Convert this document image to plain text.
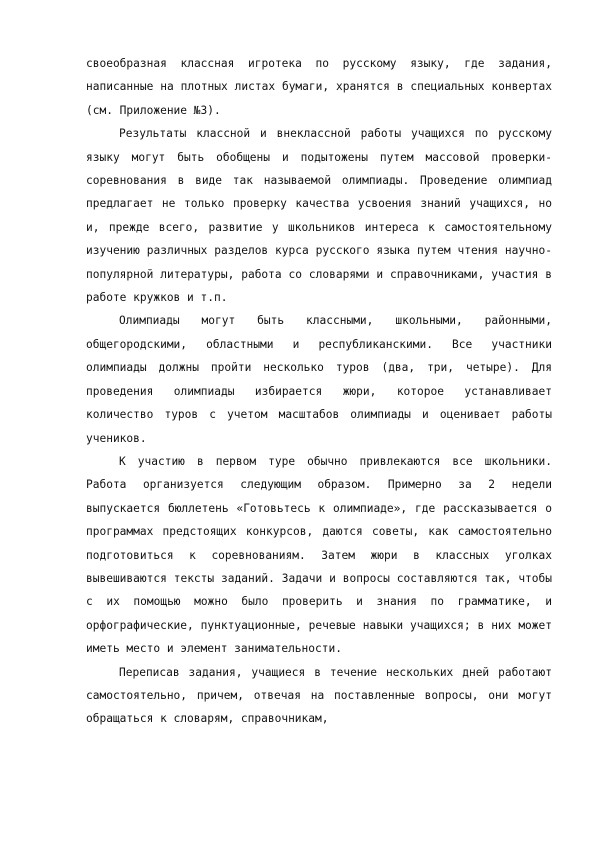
своеобразная классная игротека по русскому языку, где задания, написанные на плотных листах бумаги, хранятся в специальных конвертах (см. Приложение №3).

Результаты классной и внеклассной работы учащихся по русскому языку могут быть обобщены и подытожены путем массовой проверки-соревнования в виде так называемой олимпиады. Проведение олимпиад предлагает не только проверку качества усвоения знаний учащихся, но и, прежде всего, развитие у школьников интереса к самостоятельному изучению различных разделов курса русского языка путем чтения научно-популярной литературы, работа со словарями и справочниками, участия в работе кружков и т.п.

Олимпиады могут быть классными, школьными, районными, общегородскими, областными и республиканскими. Все участники олимпиады должны пройти несколько туров (два, три, четыре). Для проведения олимпиады избирается жюри, которое устанавливает количество туров с учетом масштабов олимпиады и оценивает работы учеников.

К участию в первом туре обычно привлекаются все школьники. Работа организуется следующим образом. Примерно за 2 недели выпускается бюллетень «Готовьтесь к олимпиаде», где рассказывается о программах предстоящих конкурсов, даются советы, как самостоятельно подготовиться к соревнованиям. Затем жюри в классных уголках вывешиваются тексты заданий. Задачи и вопросы составляются так, чтобы с их помощью можно было проверить и знания по грамматике, и орфографические, пунктуационные, речевые навыки учащихся; в них может иметь место и элемент занимательности.

Переписав задания, учащиеся в течение нескольких дней работают самостоятельно, причем, отвечая на поставленные вопросы, они могут обращаться к словарям, справочникам,
